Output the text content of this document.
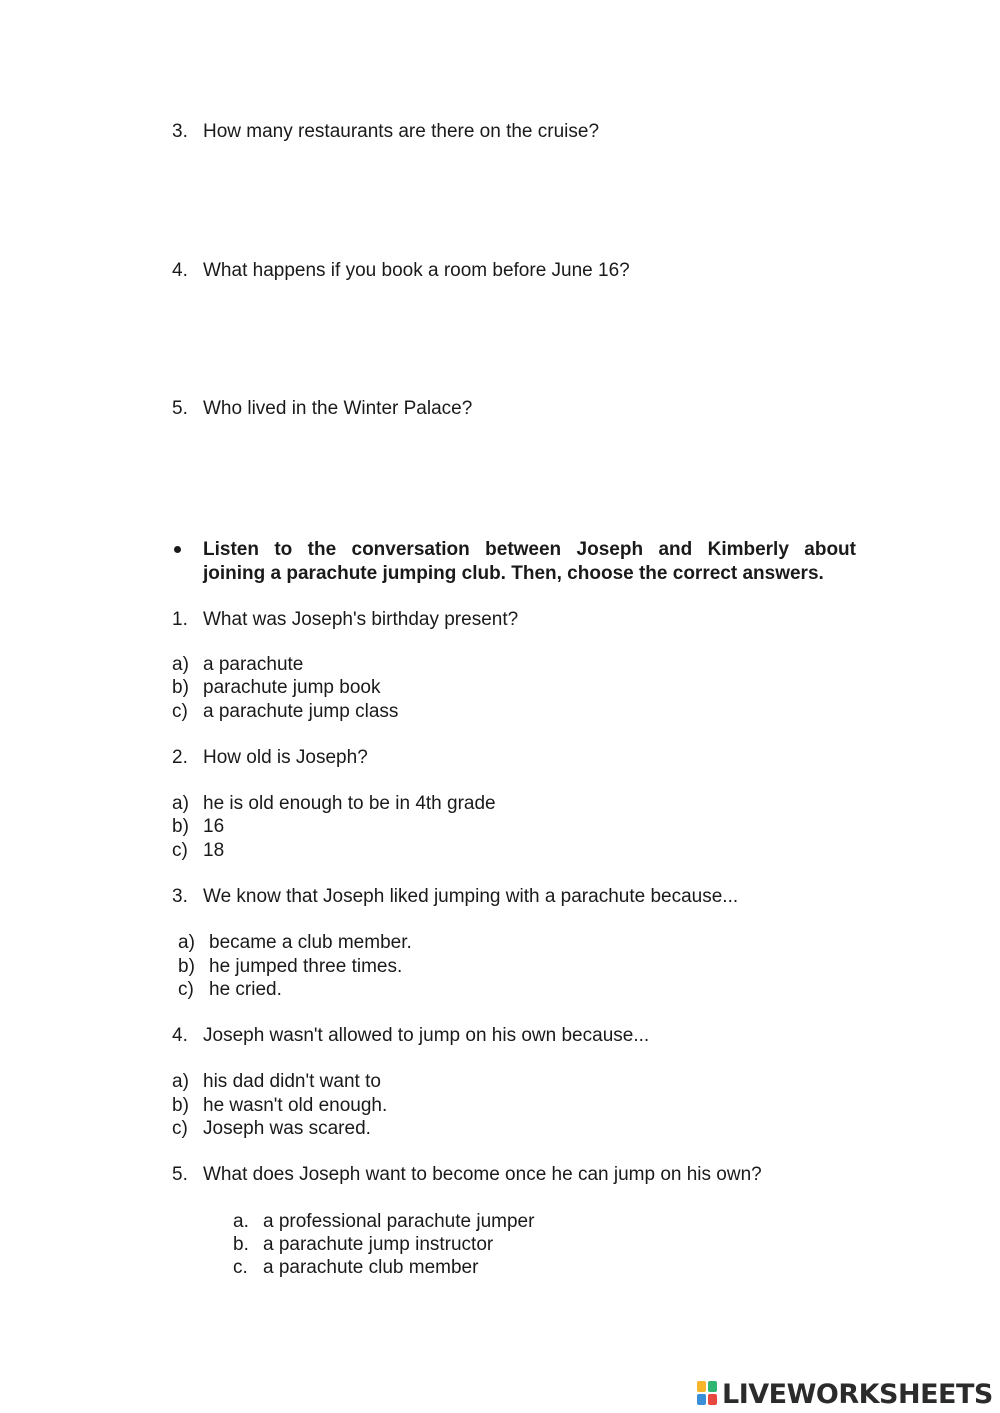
3. How many restaurants are there on the cruise?
4. What happens if you book a room before June 16?
5. Who lived in the Winter Palace?
Listen to the conversation between Joseph and Kimberly about
joining a parachute jumping club. Then, choose the correct answers.
1. What was Joseph's birthday present?
a) a parachute
b) parachute jump book
c) a parachute jump class
2. How old is Joseph?
a) he is old enough to be in 4th grade
b) 16
c) 18
3. We know that Joseph liked jumping with a parachute because...
a) became a club member.
b) he jumped three times.
c) he cried.
4. Joseph wasn't allowed to jump on his own because...
a) his dad didn't want to
b) he wasn't old enough.
c) Joseph was scared.
5. What does Joseph want to become once he can jump on his own?
a. a professional parachute jumper
b. a parachute jump instructor
c. a parachute club member
LIVEWORKSHEETS
